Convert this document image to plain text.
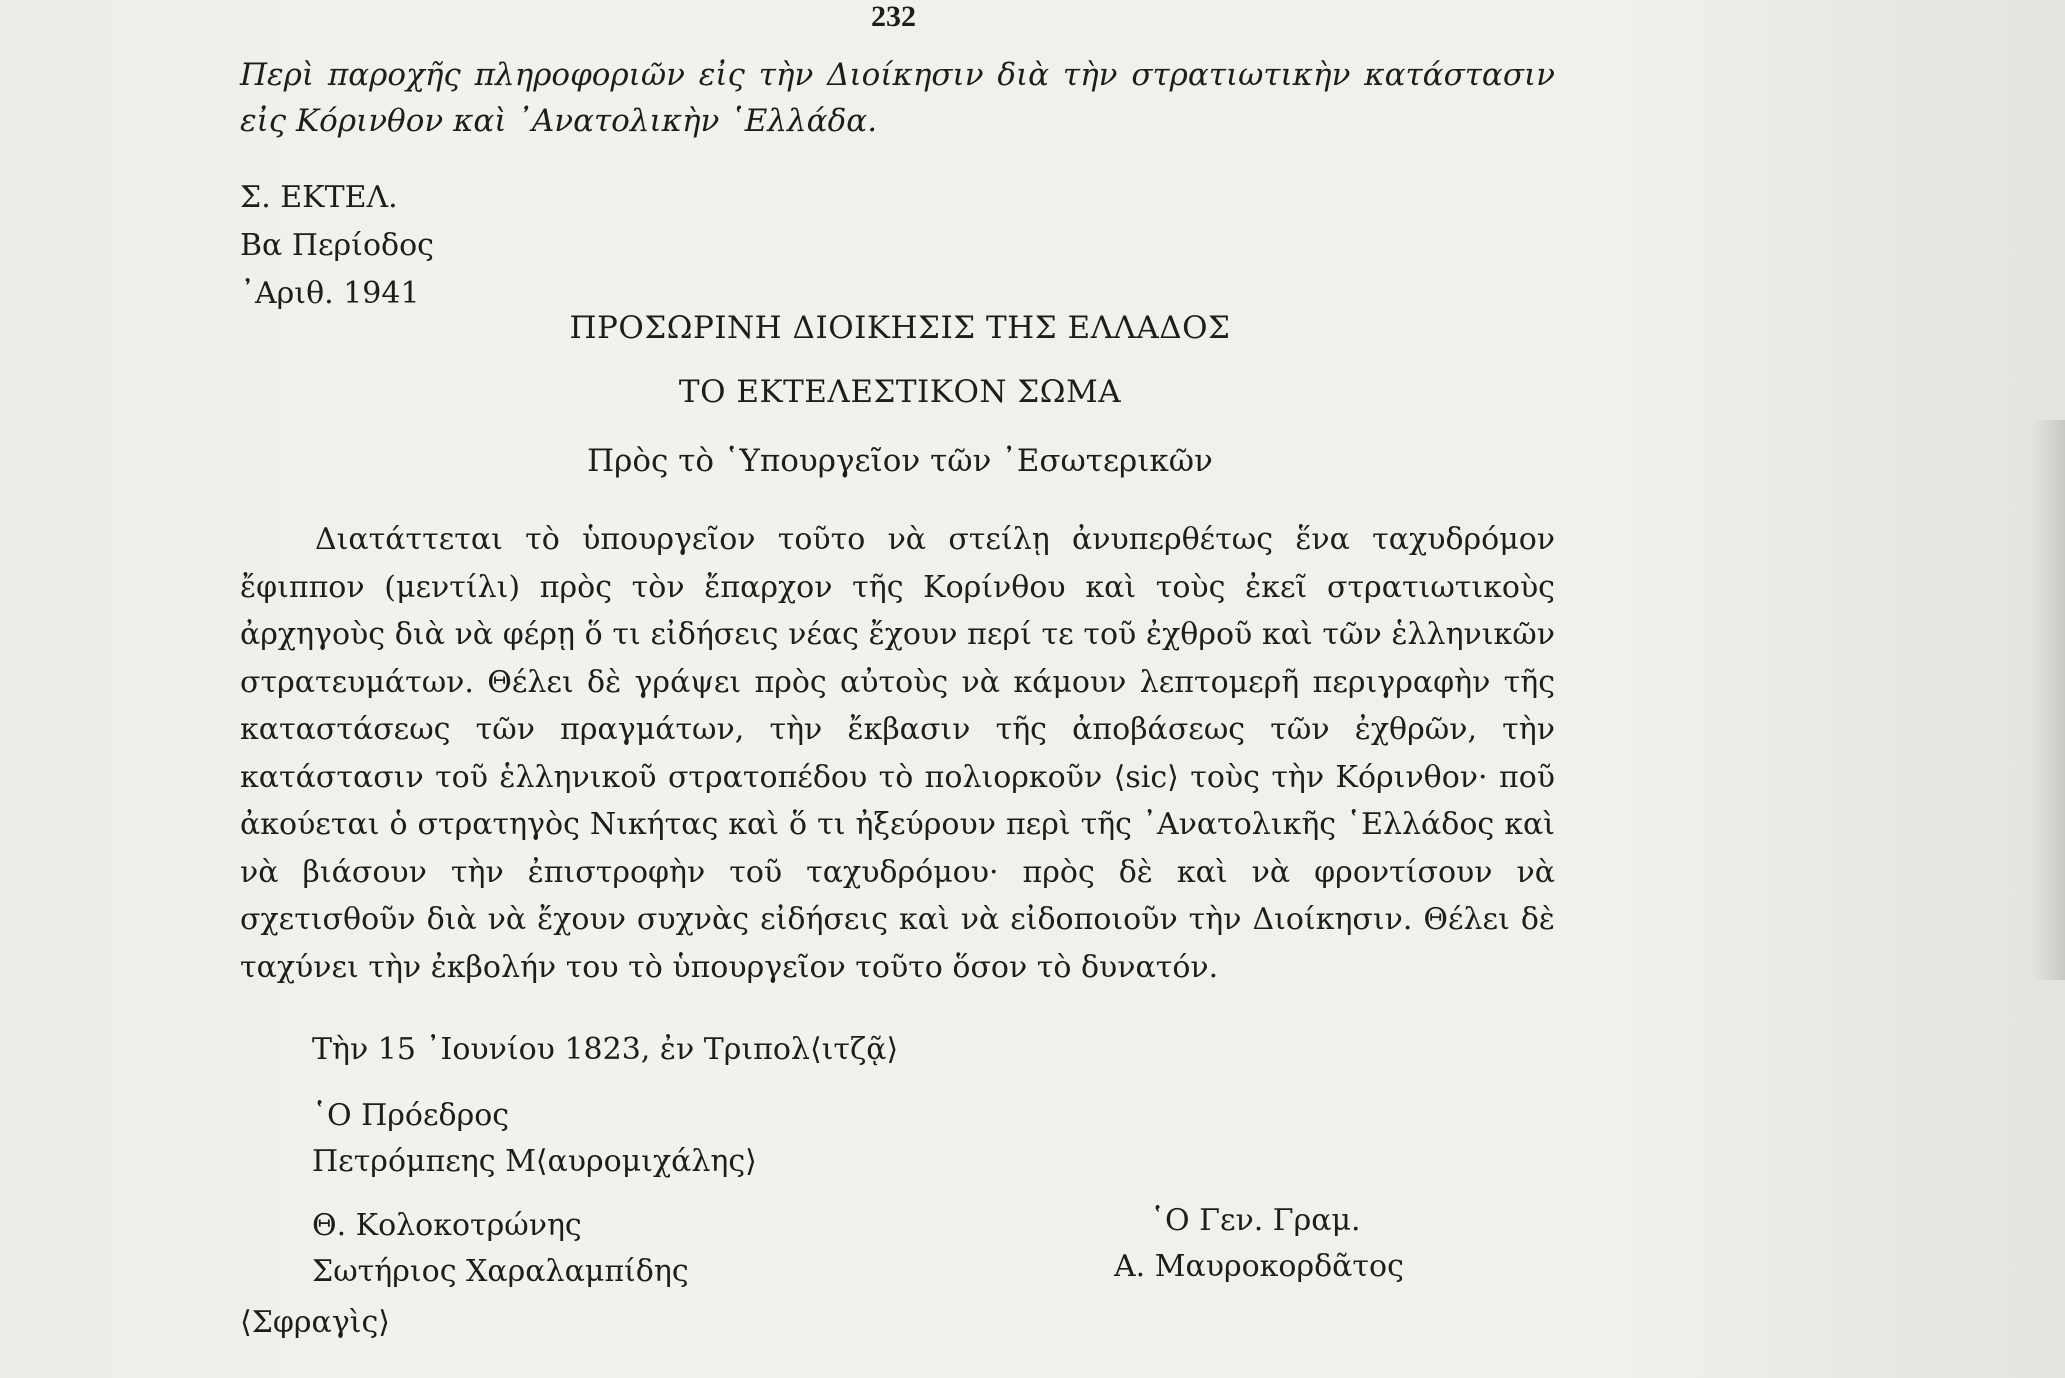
232
Περὶ παροχῆς πληροφοριῶν εἰς τὴν Διοίκησιν διὰ τὴν στρατιωτικὴν κατάστασιν εἰς Κόρινθον καὶ ᾿Ανατολικὴν ῾Ελλάδα.
Σ. ΕΚΤΕΛ.
Βα Περίοδος
᾿Αριθ. 1941
ΠΡΟΣΩΡΙΝΗ ΔΙΟΙΚΗΣΙΣ ΤΗΣ ΕΛΛΑΔΟΣ
ΤΟ ΕΚΤΕΛΕΣΤΙΚΟΝ ΣΩΜΑ
Πρὸς τὸ ῾Υπουργεῖον τῶν ᾿Εσωτερικῶν
Διατάττεται τὸ ὑπουργεῖον τοῦτο νὰ στείλῃ ἀνυπερθέτως ἕνα ταχυδρόμον ἔφιππον (μεντίλι) πρὸς τὸν ἔπαρχον τῆς Κορίνθου καὶ τοὺς ἐκεῖ στρατιωτικοὺς ἀρχηγοὺς διὰ νὰ φέρῃ ὅ τι εἰδήσεις νέας ἔχουν περί τε τοῦ ἐχθροῦ καὶ τῶν ἑλληνικῶν στρατευμάτων. Θέλει δὲ γράψει πρὸς αὐτοὺς νὰ κάμουν λεπτομερῆ περιγραφὴν τῆς καταστάσεως τῶν πραγμάτων, τὴν ἔκβασιν τῆς ἀποβάσεως τῶν ἐχθρῶν, τὴν κατάστασιν τοῦ ἑλληνικοῦ στρατοπέδου τὸ πολιορκοῦν ⟨sic⟩ τοὺς τὴν Κόρινθον· ποῦ ἀκούεται ὁ στρατηγὸς Νικήτας καὶ ὅ τι ἠξεύρουν περὶ τῆς ᾿Ανατολικῆς ῾Ελλάδος καὶ νὰ βιάσουν τὴν ἐπιστροφὴν τοῦ ταχυδρόμου· πρὸς δὲ καὶ νὰ φροντίσουν νὰ σχετισθοῦν διὰ νὰ ἔχουν συχνὰς εἰδήσεις καὶ νὰ εἰδοποιοῦν τὴν Διοίκησιν. Θέλει δὲ ταχύνει τὴν ἐκβολήν του τὸ ὑπουργεῖον τοῦτο ὅσον τὸ δυνατόν.
Τὴν 15 ᾿Ιουνίου 1823, ἐν Τριπολ⟨ιτζᾷ⟩
῾Ο Πρόεδρος
Πετρόμπεης Μ⟨αυρομιχάλης⟩
Θ. Κολοκοτρώνης
Σωτήριος Χαραλαμπίδης
῾Ο Γεν. Γραμ.
Α. Μαυροκορδᾶτος
⟨Σφραγὶς⟩
